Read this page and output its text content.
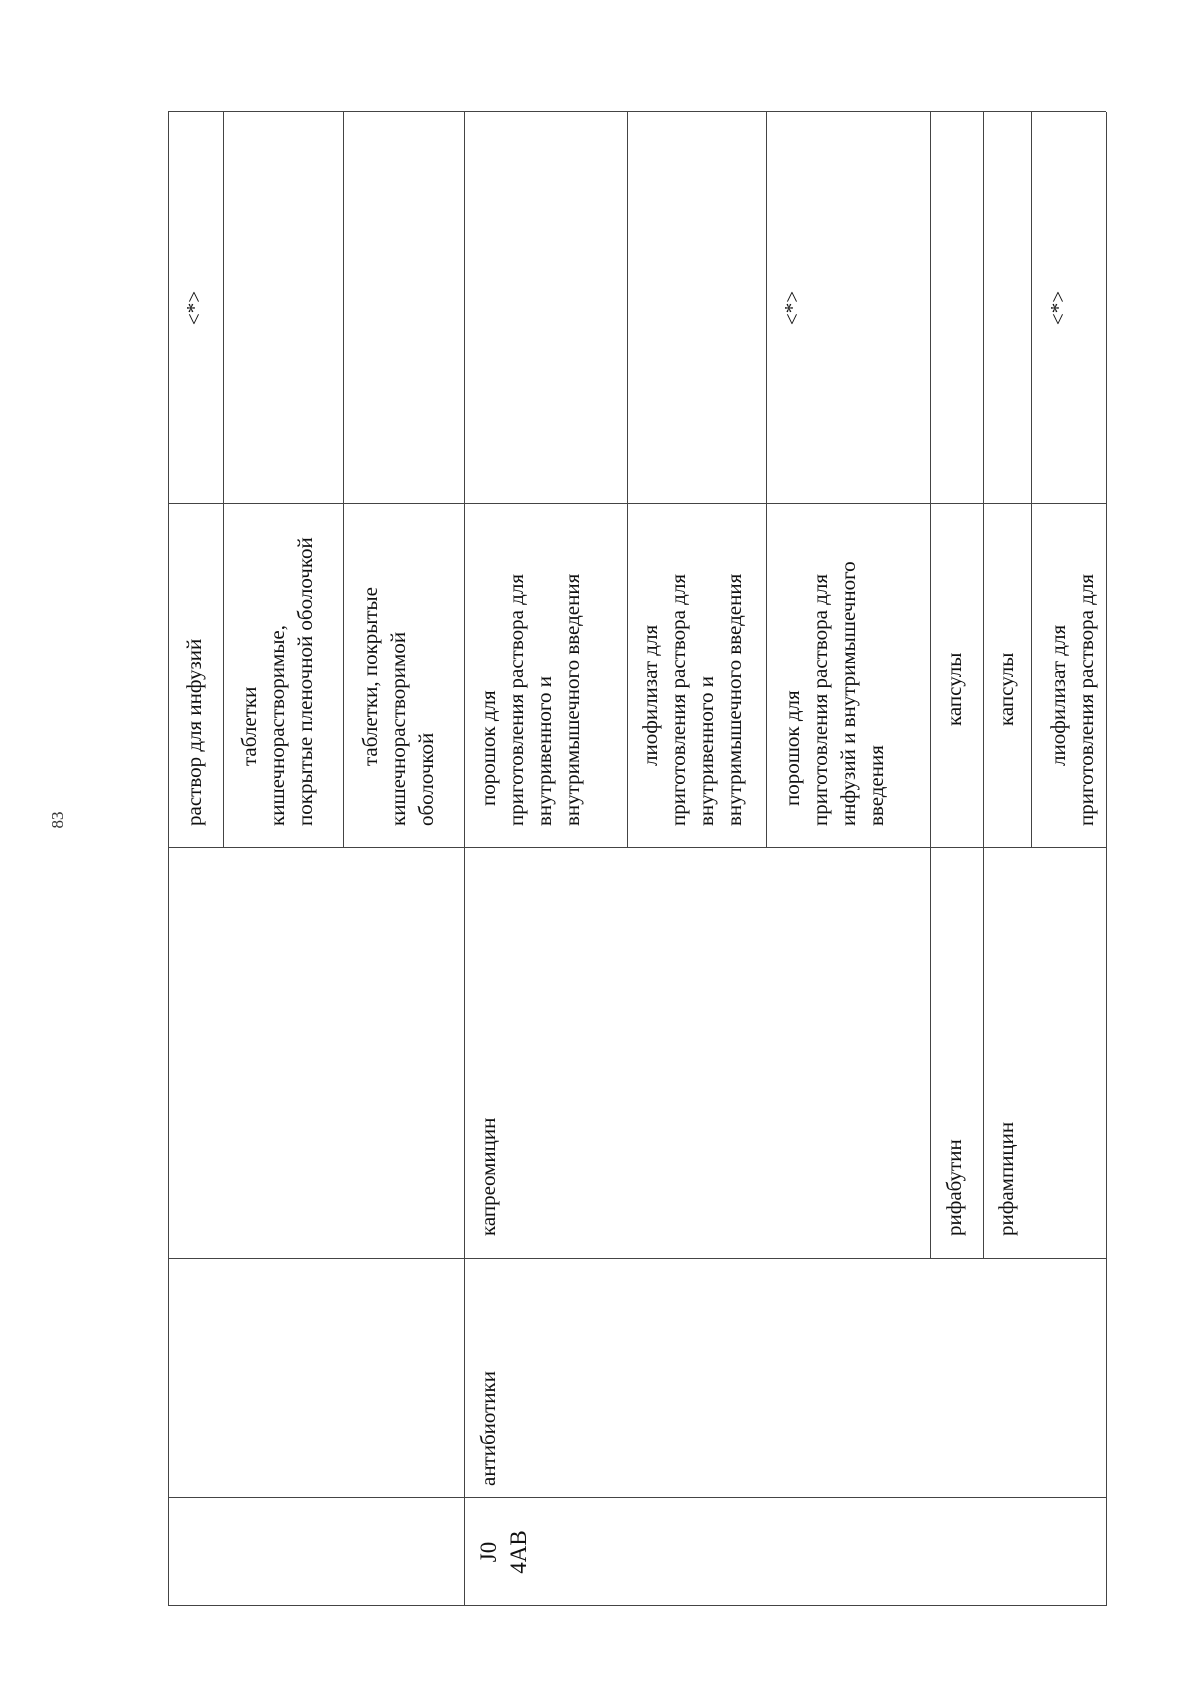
83	раствор для инфузий
<*>
таблетки
кишечнорастворимые,
покрытые пленочной оболочкой
таблетки, покрытые
кишечнорастворимой
оболочкой
J0
4AB
антибиотики
капреомицин
порошок для
приготовления раствора для
внутривенного и
внутримышечного введения
лиофилизат для
приготовления раствора для
внутривенного и
внутримышечного введения
порошок для
приготовления раствора для
инфузий и внутримышечного
введения
<*>
рифабутин
капсулы
рифампицин
капсулы лиофилизат для
приготовления раствора для
<*>
